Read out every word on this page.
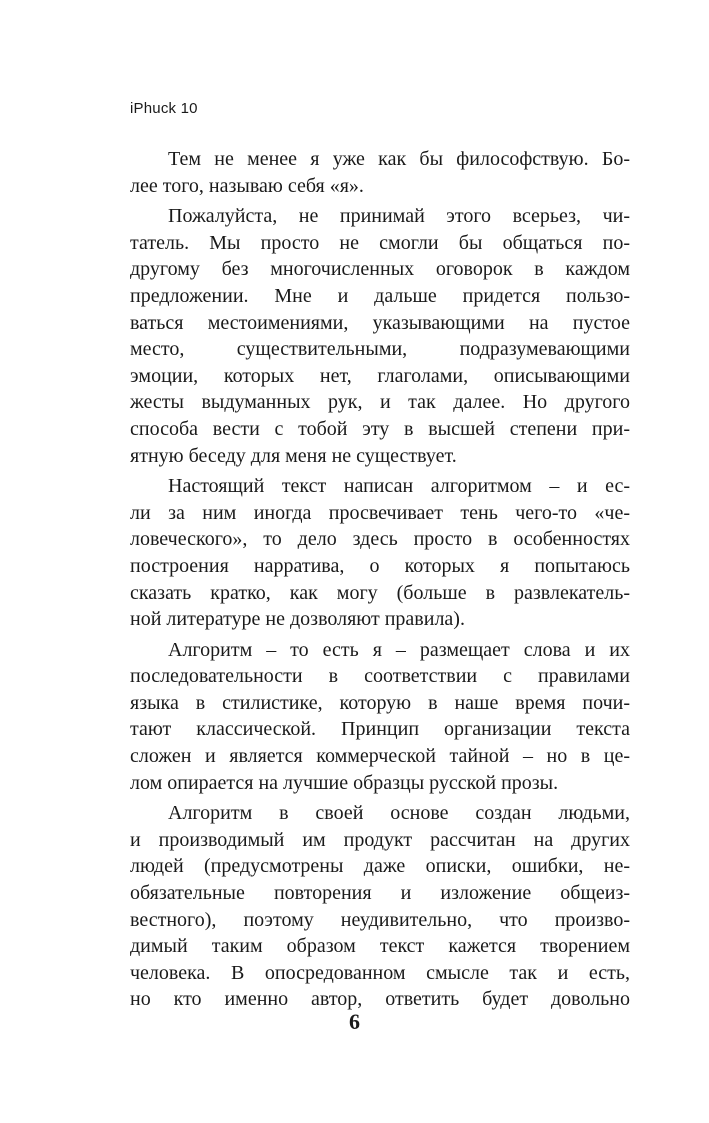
iPhuck 10
Тем не менее я уже как бы философствую. Бо-
лее того, называю себя «я».
Пожалуйста, не принимай этого всерьез, чи-
татель. Мы просто не смогли бы общаться по-
другому без многочисленных оговорок в каждом
предложении. Мне и дальше придется пользо-
ваться местоимениями, указывающими на пустое
место, существительными, подразумевающими
эмоции, которых нет, глаголами, описывающими
жесты выдуманных рук, и так далее. Но другого
способа вести с тобой эту в высшей степени при-
ятную беседу для меня не существует.
Настоящий текст написан алгоритмом – и ес-
ли за ним иногда просвечивает тень чего-то «че-
ловеческого», то дело здесь просто в особенностях
построения нарратива, о которых я попытаюсь
сказать кратко, как могу (больше в развлекатель-
ной литературе не дозволяют правила).
Алгоритм – то есть я – размещает слова и их
последовательности в соответствии с правилами
языка в стилистике, которую в наше время почи-
тают классической. Принцип организации текста
сложен и является коммерческой тайной – но в це-
лом опирается на лучшие образцы русской прозы.
Алгоритм в своей основе создан людьми,
и производимый им продукт рассчитан на других
людей (предусмотрены даже описки, ошибки, не-
обязательные повторения и изложение общеиз-
вестного), поэтому неудивительно, что произво-
димый таким образом текст кажется творением
человека. В опосредованном смысле так и есть,
но кто именно автор, ответить будет довольно
6
